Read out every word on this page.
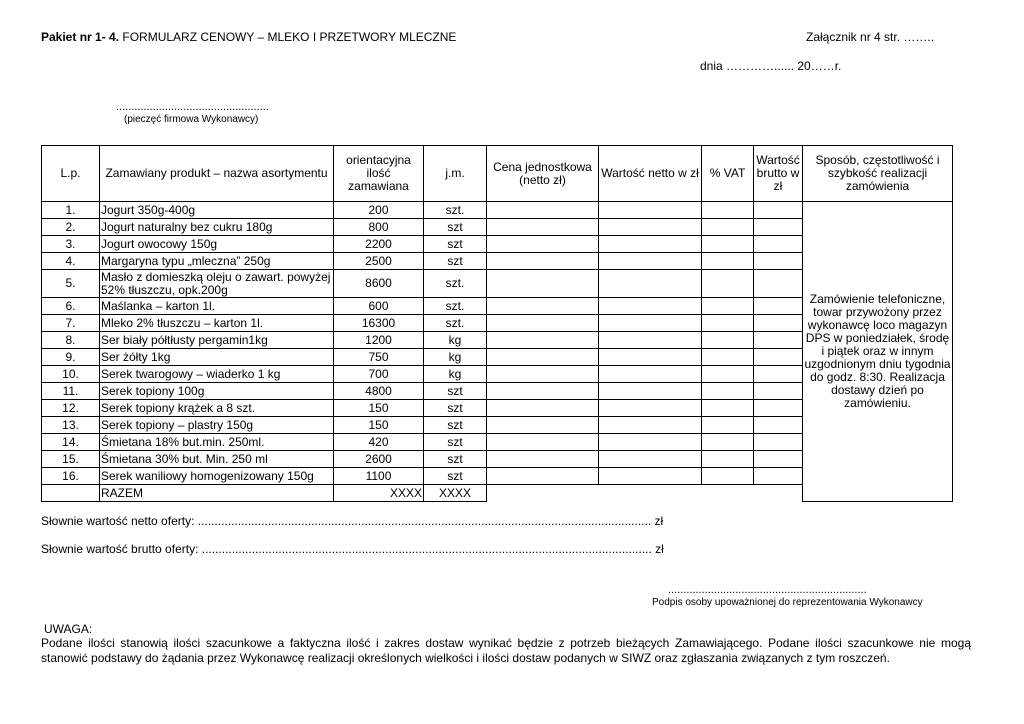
Pakiet nr 1- 4. FORMULARZ CENOWY – MLEKO I PRZETWORY MLECZNE	Załącznik nr 4 str. ……..
dnia …………...... 20……r.
..................................................
(pieczęć firmowa Wykonawcy)
L.p.	Zamawiany produkt – nazwa asortymentu	orientacyjna ilość zamawiana	j.m.	Cena jednostkowa (netto zł)	Wartość netto w zł	% VAT	Wartość brutto w zł	Sposób, częstotliwość i szybkość realizacji zamówienia
1.	Jogurt 350g-400g	200	szt.					Zamówienie telefoniczne, towar przywożony przez wykonawcę loco magazyn DPS w poniedziałek, środę i piątek oraz w innym uzgodnionym dniu tygodnia do godz. 8:30. Realizacja dostawy dzień po zamówieniu.
2.	Jogurt naturalny bez cukru 180g	800	szt					
3.	Jogurt owocowy 150g	2200	szt					
4.	Margaryna typu „mleczna” 250g	2500	szt					
5.	Masło z domieszką oleju o zawart. powyżej
52% tłuszczu, opk.200g	8600	szt.					
6.	Maślanka – karton 1l.	600	szt.					
7.	Mleko 2% tłuszczu – karton 1l.	16300	szt.					
8.	Ser biały półtłusty pergamin1kg	1200	kg					
9.	Ser żółty 1kg	750	kg					
10.	Serek twarogowy – wiaderko 1 kg	700	kg					
11.	Serek topiony 100g	4800	szt					
12.	Serek topiony krążek a 8 szt.	150	szt					
13.	Serek topiony – plastry 150g	150	szt					
14.	Śmietana 18% but.min. 250ml.	420	szt					
15.	Śmietana 30% but. Min. 250 ml	2600	szt					
16.	Serek waniliowy homogenizowany 150g	1100	szt					
	RAZEM	XXXX	XXXX					
Słownie wartość netto oferty: ........................................................................................................................................ zł
Słownie wartość brutto oferty: ....................................................................................................................................... zł
.................................................................
Podpis osoby upoważnionej do reprezentowania Wykonawcy
UWAGA:
Podane ilości stanowią ilości szacunkowe a faktyczna ilość i zakres dostaw wynikać będzie z potrzeb bieżących Zamawiającego. Podane ilości szacunkowe nie mogą stanowić podstawy do żądania przez Wykonawcę realizacji określonych wielkości i ilości dostaw podanych w SIWZ oraz zgłaszania związanych z tym roszczeń.
